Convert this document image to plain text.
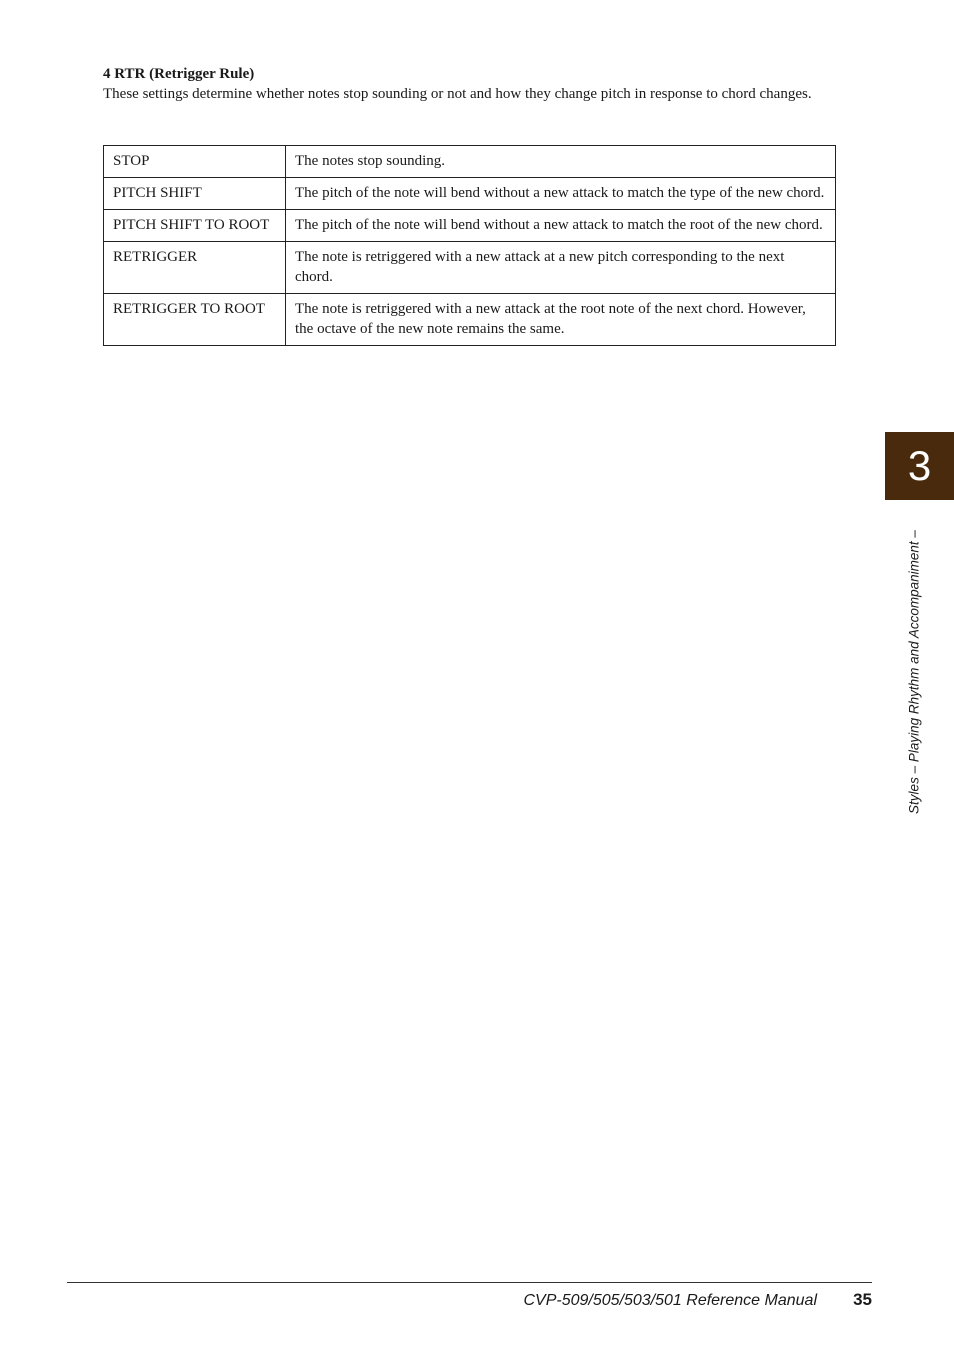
4 RTR (Retrigger Rule)
These settings determine whether notes stop sounding or not and how they change pitch in response to chord changes.
STOP	The notes stop sounding.
PITCH SHIFT	The pitch of the note will bend without a new attack to match the type of the new chord.
PITCH SHIFT TO ROOT	The pitch of the note will bend without a new attack to match the root of the new chord.
RETRIGGER	The note is retriggered with a new attack at a new pitch corresponding to the next chord.
RETRIGGER TO ROOT	The note is retriggered with a new attack at the root note of the next chord. However, the octave of the new note remains the same.
3
Styles – Playing Rhythm and Accompaniment –
CVP-509/505/503/501 Reference Manual 35
